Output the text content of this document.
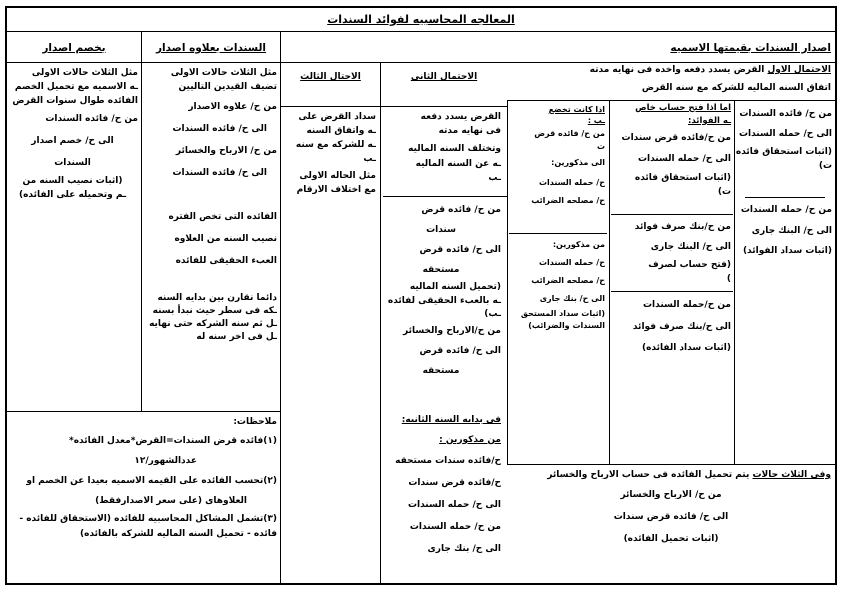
المعالجه المحاسبيه لفوائد السندات
اصدار السندات بقيمتها الاسميه
السندات بعلاوه اصدار
بخصم اصدار
الاحتمال الاول القرض يسدد دفعه واخده فى نهايه مدته
اتفاق السنه الماليه للشركه مع سنه القرض
من ح/ فائده السندات
الى ح/ حمله السندات
(اثبات استحقاق فائده
ت)
من ح/ حمله السندات
الى ح/ البنك جارى
(اثبات سداد الفوائد)
اما اذا فتح حساب خاص
ـه الفوائد:
من ح/فائده قرض سندات
الى ح/ حمله السندات
(اثبات استحقاق فائده
ت)
من ح/بنك صرف فوائد
الى ح/ البنك جارى
(فتح حساب لصرف
)
من ح/حمله السندات
الى ح/بنك صرف فوائد
(اثبات سداد الفائده)
اذا كانت تخضع
ـب :
من ح/ فائده قرض
ت
الى مذكورين:
ح/ حمله السندات
ح/ مصلحه الضرائب
من مذكورين:
ح/ حمله السندات
ح/ مصلحه الضرائب
الى ح/ بنك جارى
(اثبات سداد المستحق
السندات والضرائب)
الاحتمال الثانى
القرض يسدد دفعه
فى نهايه مدته
وتختلف السنه الماليه
ـه عن السنه الماليه
ـب
من ح/ فائده قرض
سندات
الى ح/ فائده قرض
مستحقه
(تحميل السنه الماليه
ـه بالعبء الحقيقى لفائده
ـب)
من ح/الارباح والخسائر
الى ح/ فائده قرض
مستحقه
فى بدايه السنه الثانيه:
من مذكورين :
ح/فائده سندات مستحقه
ح/فائده قرض سندات
الى ح/ حمله السندات
من ح/ حمله السندات
الى ح/ بنك جارى
الاحتال الثالث
سداد القرض على
ـه واتفاق السنه
ـه للشركه مع سنه
ـب
مثل الحاله الاولى
مع اختلاف الارقام
وفى الثلاث حالات يتم تحميل الفائده فى حساب الارباح والخسائر
من ح/ الارباح والخسائر
الى ح/ فائده قرض سندات
(اثبات تحميل الفائده)
مثل الثلاث حالات الاولى
تضيف القيدين التاليين
من ح/ علاوه الاصدار
الى ح/ فائده السندات
من ح/ الارباح والخسائر
الى ح/ فائده السندات
الفائده التى تخص الفتره
نصيب السنه من العلاوه
العبء الحقيقى للفائده
دائما نقارن بين بدايه السنه
ـكه فى سطر حيث نبدأ بسنه
ـل ثم سنه الشركه حتى نهايه
ـل فى اخر سنه له
مثل الثلاث حالات الاولى
ـه الاسميه مع تحميل الخصم
الفائده طوال سنوات القرض
من ح/ فائده السندات
الى ح/ خصم اصدار
السندات
(اثبات نصيب السنه من
ـم وتحميله على الفائده)
ملاحظات:
(١)فائده قرض السندات=القرض*معدل الفائده*
عددالشهور/١٢
(٢)تحسب الفائده على القيمه الاسميه بعيدا عن الخصم او
العلاوهاى (على سعر الاصدارفقط)
(٣)تشمل المشاكل المحاسبيه للفائده (الاستحقاق للفائده -
فائده - تحميل السنه الماليه للشركه بالفائده)
